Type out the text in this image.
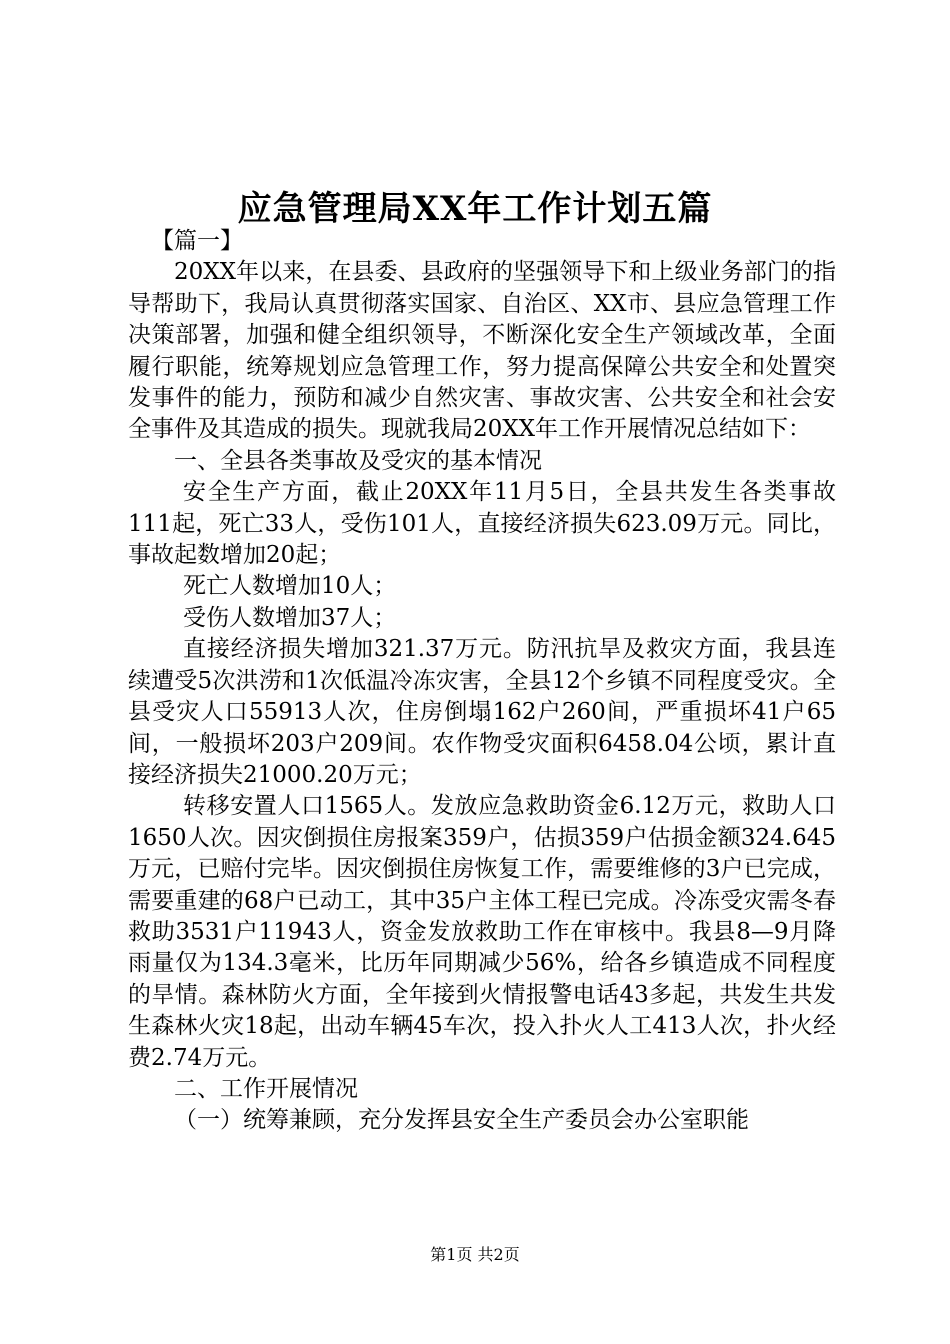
应急管理局XX年工作计划五篇

【篇一】

20XX年以来，在县委、县政府的坚强领导下和上级业务部门的指导帮助下，我局认真贯彻落实国家、自治区、XX市、县应急管理工作决策部署，加强和健全组织领导，不断深化安全生产领域改革，全面履行职能，统筹规划应急管理工作，努力提高保障公共安全和处置突发事件的能力，预防和减少自然灾害、事故灾害、公共安全和社会安全事件及其造成的损失。现就我局20XX年工作开展情况总结如下：

一、全县各类事故及受灾的基本情况

安全生产方面，截止20XX年11月5日，全县共发生各类事故111起，死亡33人，受伤101人，直接经济损失623.09万元。同比，事故起数增加20起；

死亡人数增加10人；

受伤人数增加37人；

直接经济损失增加321.37万元。防汛抗旱及救灾方面，我县连续遭受5次洪涝和1次低温冷冻灾害，全县12个乡镇不同程度受灾。全县受灾人口55913人次，住房倒塌162户260间，严重损坏41户65间，一般损坏203户209间。农作物受灾面积6458.04公顷，累计直接经济损失21000.20万元；

转移安置人口1565人。发放应急救助资金6.12万元，救助人口1650人次。因灾倒损住房报案359户，估损359户估损金额324.645万元，已赔付完毕。因灾倒损住房恢复工作，需要维修的3户已完成，需要重建的68户已动工，其中35户主体工程已完成。冷冻受灾需冬春救助3531户11943人，资金发放救助工作在审核中。我县8—9月降雨量仅为134.3毫米，比历年同期减少56%，给各乡镇造成不同程度的旱情。森林防火方面，全年接到火情报警电话43多起，共发生共发生森林火灾18起，出动车辆45车次，投入扑火人工413人次，扑火经费2.74万元。

二、工作开展情况

（一）统筹兼顾，充分发挥县安全生产委员会办公室职能

第1页 共2页
